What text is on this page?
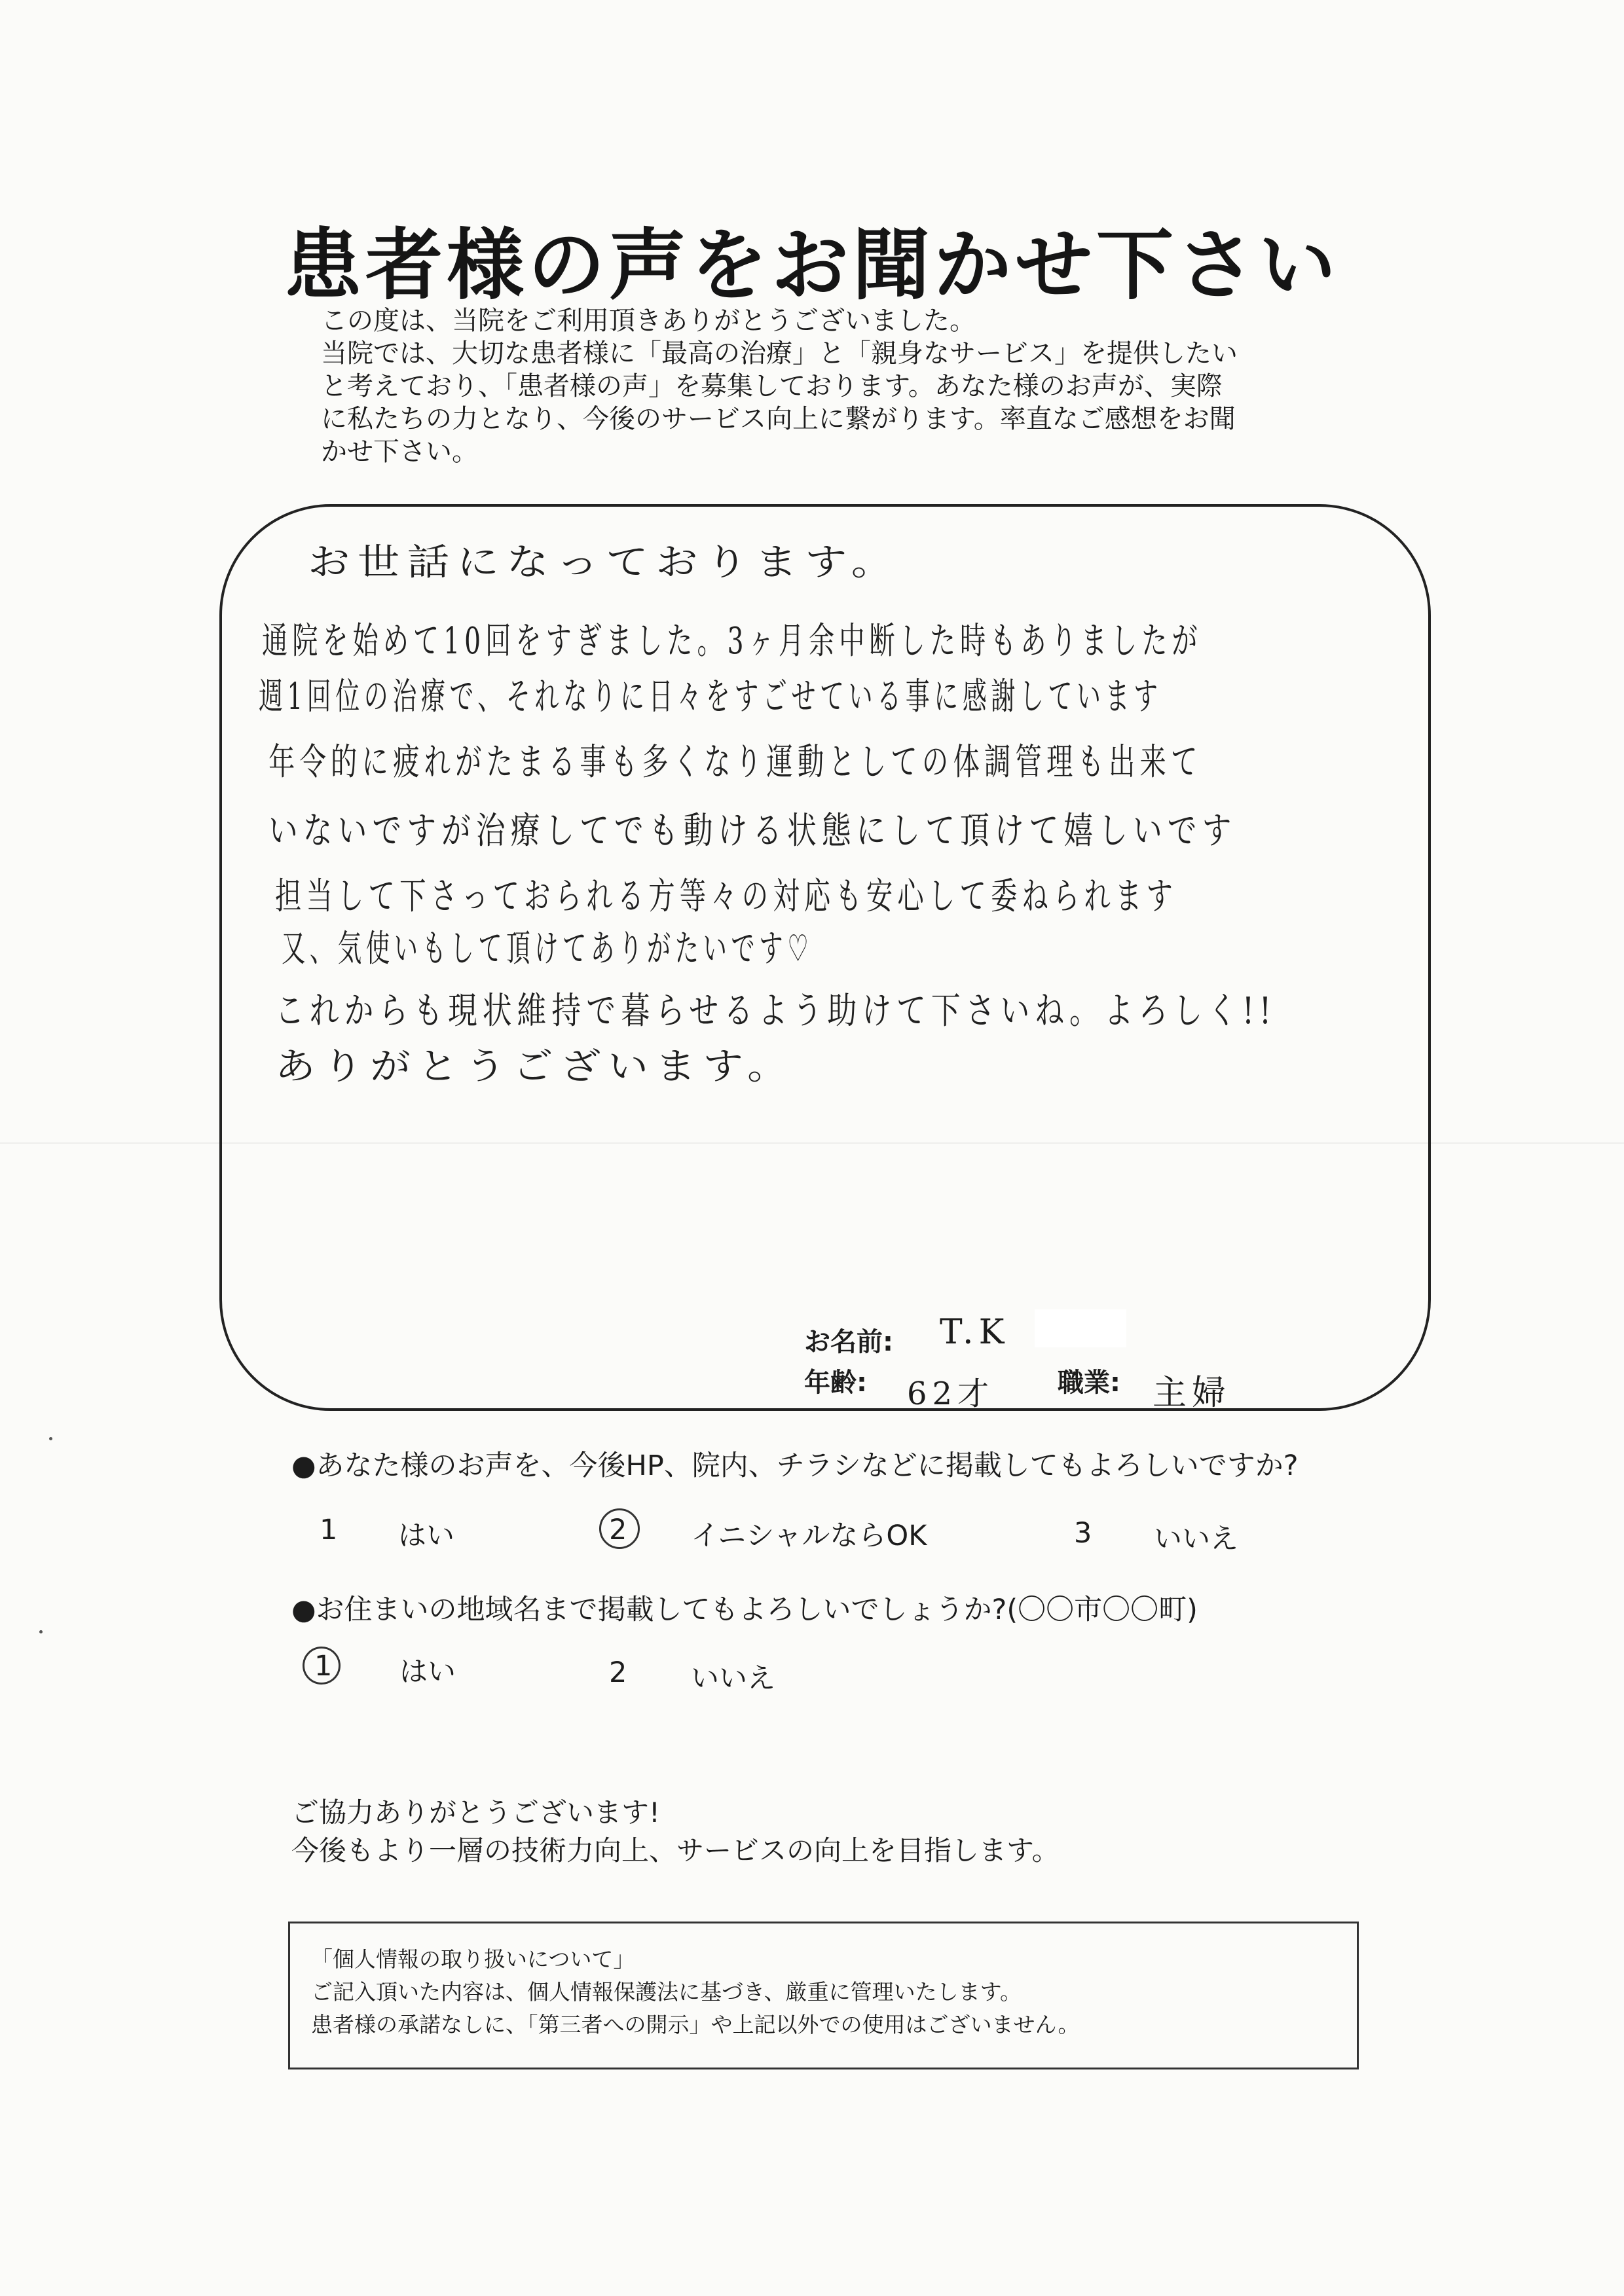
患者様の声をお聞かせ下さい
この度は、当院をご利用頂きありがとうございました。
当院では、大切な患者様に「最高の治療」と「親身なサービス」を提供したい
と考えており、「患者様の声」を募集しております。あなた様のお声が、実際
に私たちの力となり、今後のサービス向上に繋がります。率直なご感想をお聞
かせ下さい。
お世話になっております。
通院を始めて10回をすぎました。3ヶ月余中断した時もありましたが
週1回位の治療で、それなりに日々をすごせている事に感謝しています
年令的に疲れがたまる事も多くなり運動としての体調管理も出来て
いないですが治療してでも動ける状態にして頂けて嬉しいです
担当して下さっておられる方等々の対応も安心して委ねられます
又、気使いもして頂けてありがたいです♡
これからも現状維持で暮らせるよう助けて下さいね。よろしく!!
ありがとうございます。
お名前: T.K
年齢: 62才 職業: 主婦
●あなた様のお声を、今後HP、院内、チラシなどに掲載してもよろしいですか?
1 はい	2 イニシャルならOK	3 いいえ
●お住まいの地域名まで掲載してもよろしいでしょうか?(〇〇市〇〇町)
1 はい	2 いいえ
ご協力ありがとうございます!
今後もより一層の技術力向上、サービスの向上を目指します。
「個人情報の取り扱いについて」
ご記入頂いた内容は、個人情報保護法に基づき、厳重に管理いたします。
患者様の承諾なしに、「第三者への開示」や上記以外での使用はございません。
